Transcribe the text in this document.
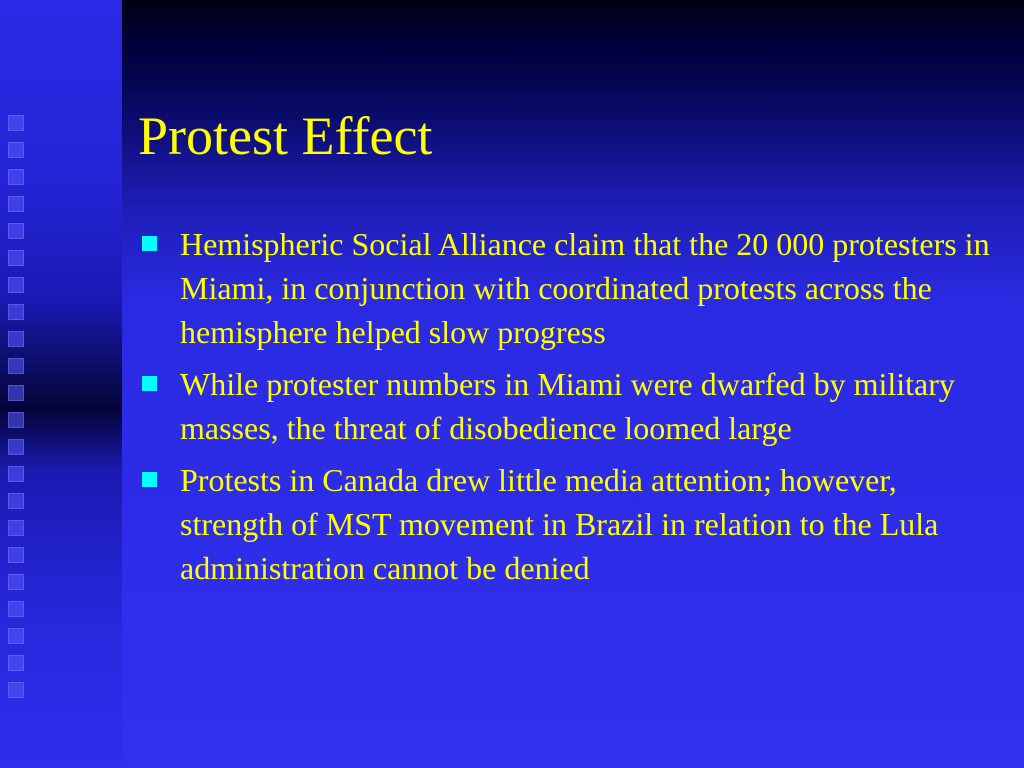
Protest Effect
Hemispheric Social Alliance claim that the 20 000 protesters in Miami, in conjunction with coordinated protests across the hemisphere helped slow progress
While protester numbers in Miami were dwarfed by military masses, the threat of disobedience loomed large
Protests in Canada drew little media attention; however, strength of MST movement in Brazil in relation to the Lula administration cannot be denied
